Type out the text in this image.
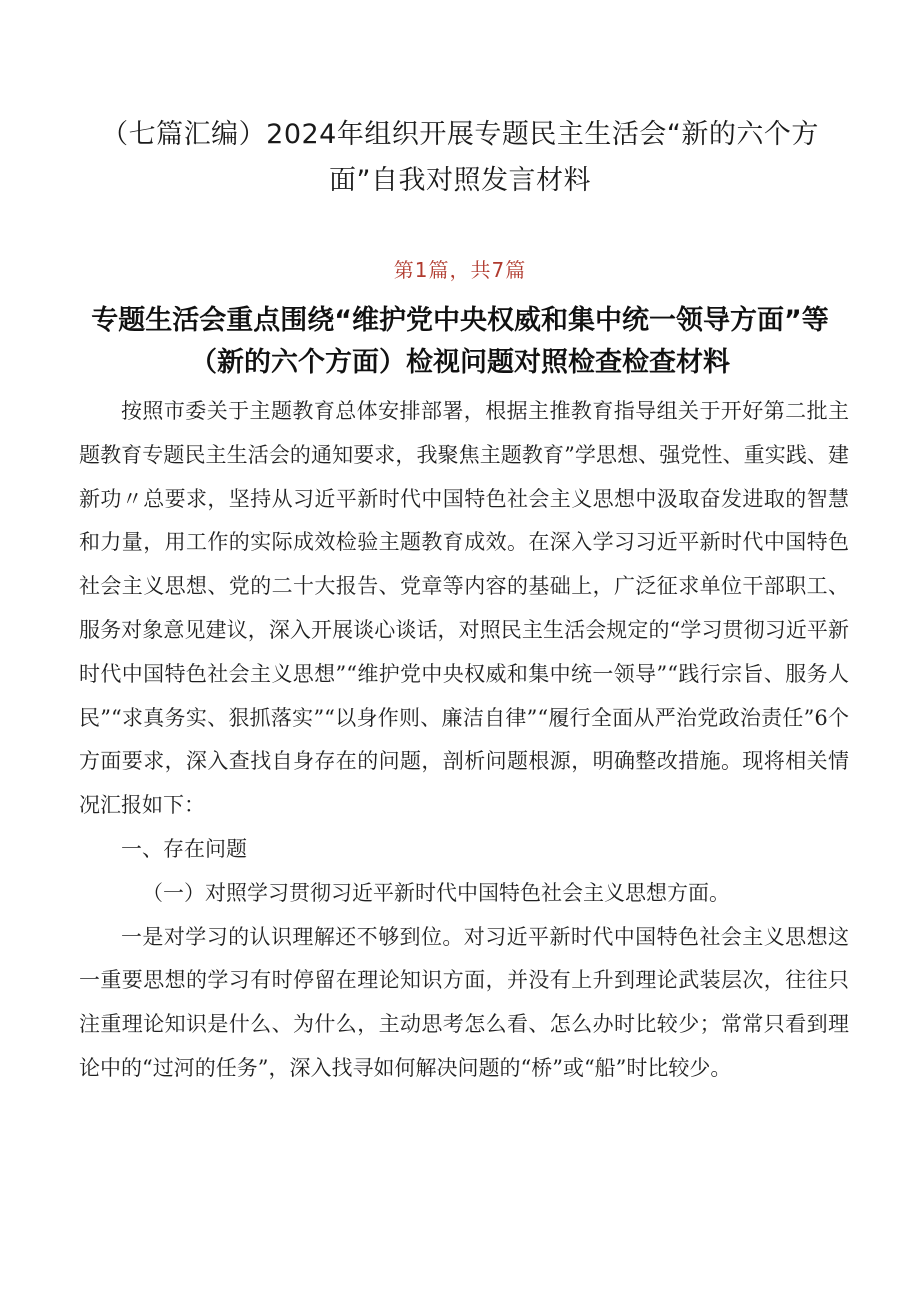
（七篇汇编）2024年组织开展专题民主生活会“新的六个方面”自我对照发言材料

第1篇，共7篇

专题生活会重点围绕“维护党中央权威和集中统一领导方面”等（新的六个方面）检视问题对照检查检查材料

按照市委关于主题教育总体安排部署，根据主推教育指导组关于开好第二批主题教育专题民主生活会的通知要求，我聚焦主题教育”学思想、强党性、重实践、建新功〃总要求，坚持从习近平新时代中国特色社会主义思想中汲取奋发进取的智慧和力量，用工作的实际成效检验主题教育成效。在深入学习习近平新时代中国特色社会主义思想、党的二十大报告、党章等内容的基础上，广泛征求单位干部职工、服务对象意见建议，深入开展谈心谈话，对照民主生活会规定的“学习贯彻习近平新时代中国特色社会主义思想”“维护党中央权威和集中统一领导”“践行宗旨、服务人民”“求真务实、狠抓落实”“以身作则、廉洁自律”“履行全面从严治党政治责任”6个方面要求，深入查找自身存在的问题，剖析问题根源，明确整改措施。现将相关情况汇报如下：

一、存在问题

（一）对照学习贯彻习近平新时代中国特色社会主义思想方面。

一是对学习的认识理解还不够到位。对习近平新时代中国特色社会主义思想这一重要思想的学习有时停留在理论知识方面，并没有上升到理论武装层次，往往只注重理论知识是什么、为什么，主动思考怎么看、怎么办时比较少；常常只看到理论中的“过河的任务”，深入找寻如何解决问题的“桥”或“船”时比较少。
